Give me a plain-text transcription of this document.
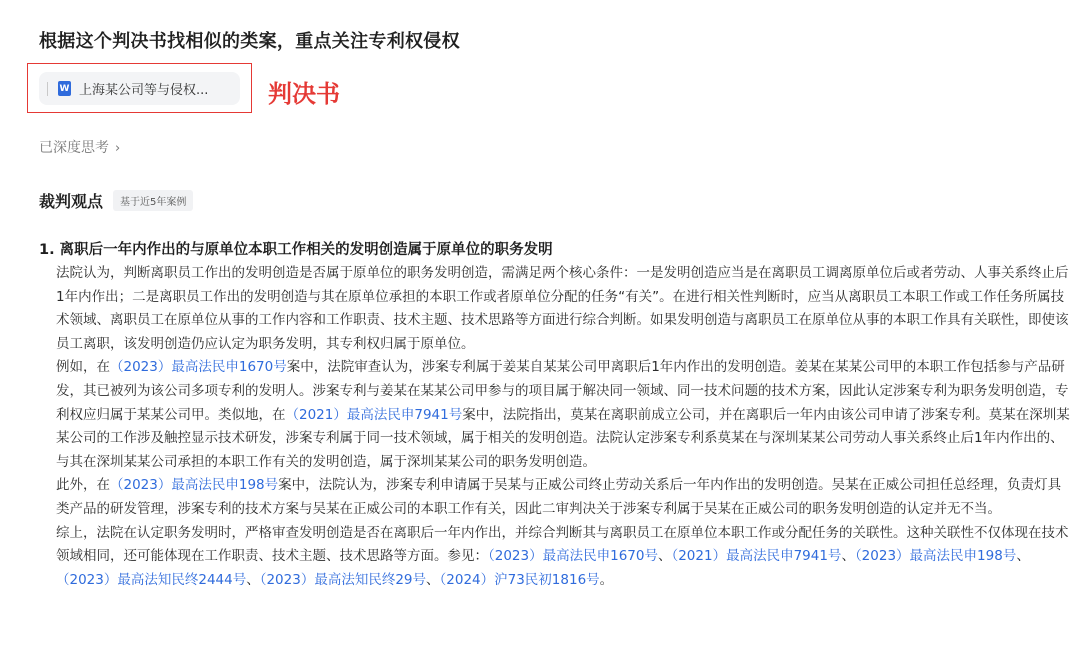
根据这个判决书找相似的类案，重点关注专利权侵权
W 上海某公司等与侵权... 判决书
已深度思考 ›
裁判观点	基于近5年案例
1. 离职后一年内作出的与原单位本职工作相关的发明创造属于原单位的职务发明

法院认为，判断离职员工作出的发明创造是否属于原单位的职务发明创造，需满足两个核心条件：一是发明创造应当是在离职员工调离原单位后或者劳动、人事关系终止后1年内作出；二是离职员工作出的发明创造与其在原单位承担的本职工作或者原单位分配的任务“有关”。在进行相关性判断时，应当从离职员工本职工作或工作任务所属技术领域、离职员工在原单位从事的工作内容和工作职责、技术主题、技术思路等方面进行综合判断。如果发明创造与离职员工在原单位从事的本职工作具有关联性，即使该员工离职，该发明创造仍应认定为职务发明，其专利权归属于原单位。

例如，在（2023）最高法民申1670号案中，法院审查认为，涉案专利属于姜某自某某公司甲离职后1年内作出的发明创造。姜某在某某公司甲的本职工作包括参与产品研发，其已被列为该公司多项专利的发明人。涉案专利与姜某在某某公司甲参与的项目属于解决同一领域、同一技术问题的技术方案，因此认定涉案专利为职务发明创造，专利权应归属于某某公司甲。类似地，在（2021）最高法民申7941号案中，法院指出，莫某在离职前成立公司，并在离职后一年内由该公司申请了涉案专利。莫某在深圳某某公司的工作涉及触控显示技术研发，涉案专利属于同一技术领域，属于相关的发明创造。法院认定涉案专利系莫某在与深圳某某公司劳动人事关系终止后1年内作出的、与其在深圳某某公司承担的本职工作有关的发明创造，属于深圳某某公司的职务发明创造。

此外，在（2023）最高法民申198号案中，法院认为，涉案专利申请属于吴某与正威公司终止劳动关系后一年内作出的发明创造。吴某在正威公司担任总经理，负责灯具类产品的研发管理，涉案专利的技术方案与吴某在正威公司的本职工作有关，因此二审判决关于涉案专利属于吴某在正威公司的职务发明创造的认定并无不当。

综上，法院在认定职务发明时，严格审查发明创造是否在离职后一年内作出，并综合判断其与离职员工在原单位本职工作或分配任务的关联性。这种关联性不仅体现在技术领域相同，还可能体现在工作职责、技术主题、技术思路等方面。参见：（2023）最高法民申1670号、（2021）最高法民申7941号、（2023）最高法民申198号、（2023）最高法知民终2444号、（2023）最高法知民终29号、（2024）沪73民初1816号。
